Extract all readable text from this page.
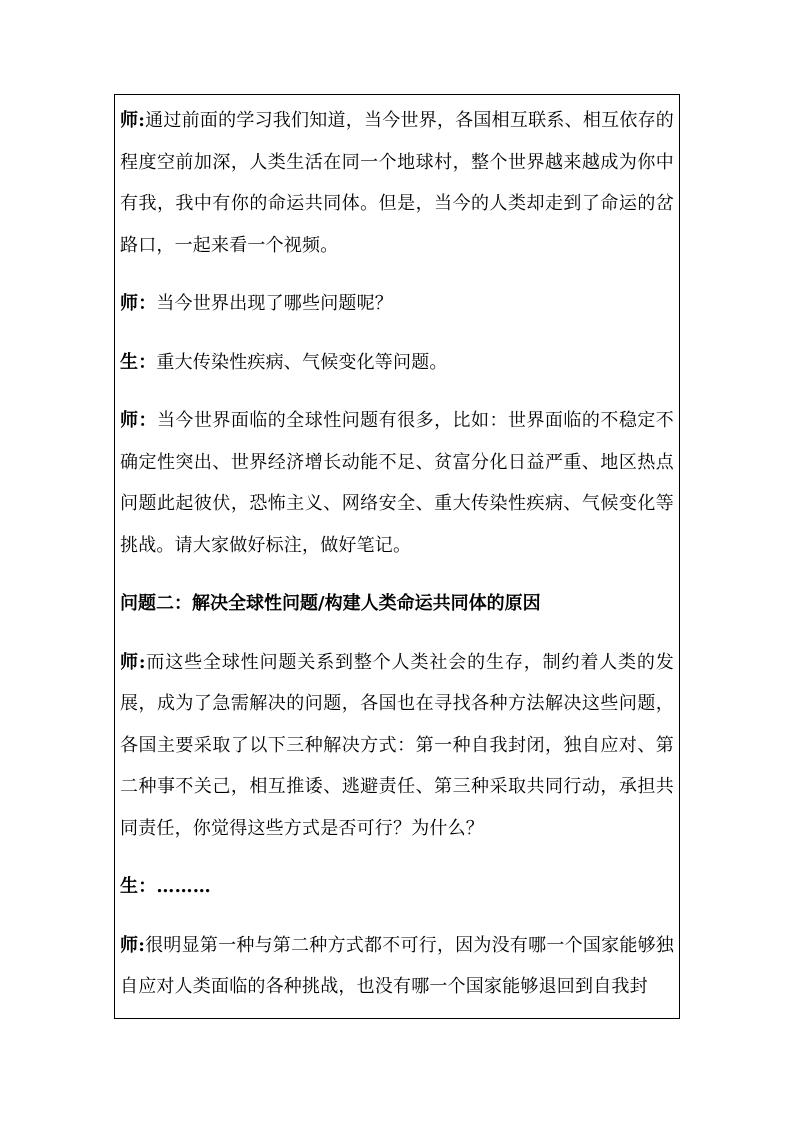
师:通过前面的学习我们知道，当今世界，各国相互联系、相互依存的程度空前加深，人类生活在同一个地球村，整个世界越来越成为你中有我，我中有你的命运共同体。但是，当今的人类却走到了命运的岔路口，一起来看一个视频。

师：当今世界出现了哪些问题呢？

生：重大传染性疾病、气候变化等问题。

师：当今世界面临的全球性问题有很多，比如：世界面临的不稳定不确定性突出、世界经济增长动能不足、贫富分化日益严重、地区热点问题此起彼伏，恐怖主义、网络安全、重大传染性疾病、气候变化等挑战。请大家做好标注，做好笔记。

问题二：解决全球性问题/构建人类命运共同体的原因

师:而这些全球性问题关系到整个人类社会的生存，制约着人类的发展，成为了急需解决的问题，各国也在寻找各种方法解决这些问题，各国主要采取了以下三种解决方式：第一种自我封闭，独自应对、第二种事不关己，相互推诿、逃避责任、第三种采取共同行动，承担共同责任，你觉得这些方式是否可行？为什么？

生：………

师:很明显第一种与第二种方式都不可行，因为没有哪一个国家能够独自应对人类面临的各种挑战，也没有哪一个国家能够退回到自我封
